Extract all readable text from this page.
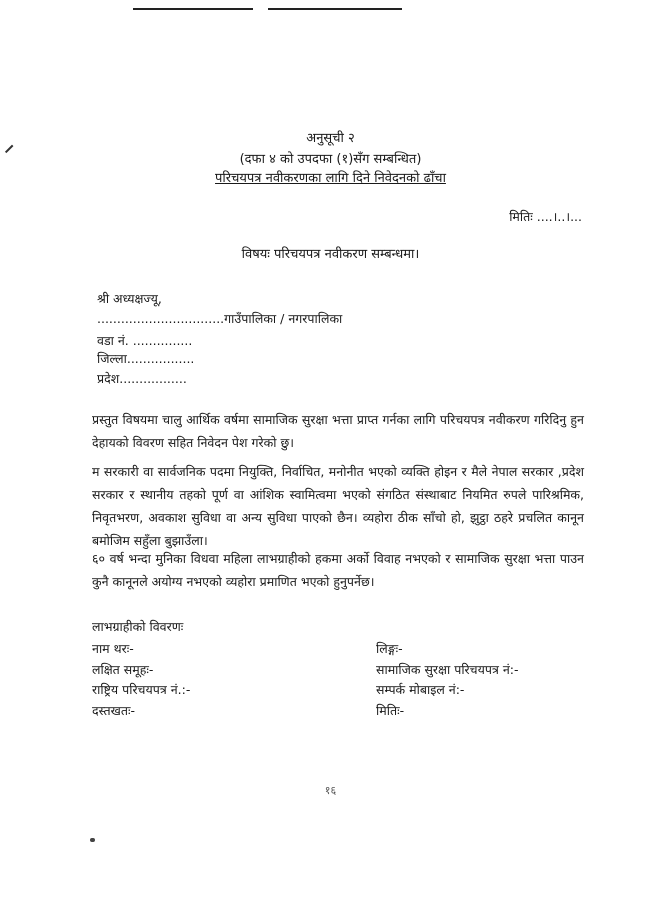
अनुसूची २
(दफा ४ को उपदफा (१)सँग सम्बन्धित)
परिचयपत्र नवीकरणका लागि दिने निवेदनको ढाँचा
मितिः ....।..।...
विषयः परिचयपत्र नवीकरण सम्बन्धमा।
श्री अध्यक्षज्यू,
................................गाउँपालिका / नगरपालिका
वडा नं. ...............
जिल्ला.................
प्रदेश.................
प्रस्तुत विषयमा चालु आर्थिक वर्षमा सामाजिक सुरक्षा भत्ता प्राप्त गर्नका लागि परिचयपत्र नवीकरण गरिदिनु हुन देहायको विवरण सहित निवेदन पेश गरेको छु।
म सरकारी वा सार्वजनिक पदमा नियुक्ति, निर्वाचित, मनोनीत भएको व्यक्ति होइन र मैले नेपाल सरकार ,प्रदेश सरकार र स्थानीय तहको पूर्ण वा आंशिक स्वामित्वमा भएको संगठित संस्थाबाट नियमित रुपले पारिश्रमिक, निवृतभरण, अवकाश सुविधा वा अन्य सुविधा पाएको छैन। व्यहोरा ठीक साँचो हो, झुट्ठा ठहरे प्रचलित कानून बमोजिम सहुँला बुझाउँला।
६० वर्ष भन्दा मुनिका विधवा महिला लाभग्राहीको हकमा अर्को विवाह नभएको र सामाजिक सुरक्षा भत्ता पाउन कुनै कानूनले अयोग्य नभएको व्यहोरा प्रमाणित भएको हुनुपर्नेछ।
लाभग्राहीको विवरणः
नाम थरः-
लक्षित समूहः-
राष्ट्रिय परिचयपत्र नं.:-
दस्तखतः-
लिङ्गः-
सामाजिक सुरक्षा परिचयपत्र नं:-
सम्पर्क मोबाइल नं:-
मितिः-
१६
